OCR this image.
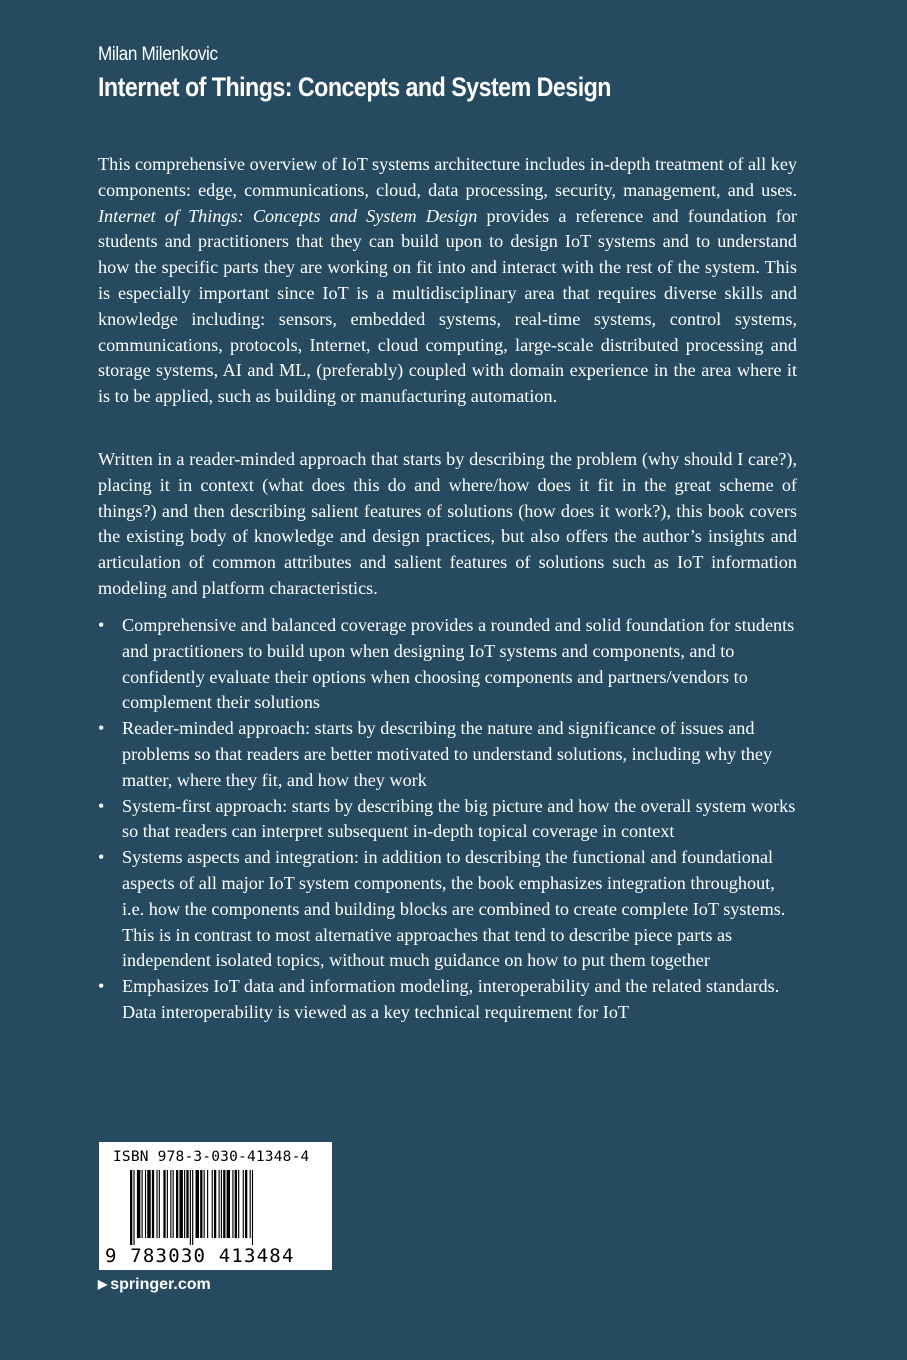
Milan Milenkovic
Internet of Things: Concepts and System Design

This comprehensive overview of IoT systems architecture includes in-depth treatment of all key components: edge, communications, cloud, data processing, security, management, and uses. Internet of Things: Concepts and System Design provides a reference and foundation for students and practitioners that they can build upon to design IoT systems and to understand how the specific parts they are working on fit into and interact with the rest of the system. This is especially important since IoT is a multidisciplinary area that requires diverse skills and knowledge including: sensors, embedded systems, real-time systems, control systems, communications, protocols, Internet, cloud computing, large-scale distributed processing and storage systems, AI and ML, (preferably) coupled with domain experience in the area where it is to be applied, such as building or manufacturing automation.

Written in a reader-minded approach that starts by describing the problem (why should I care?), placing it in context (what does this do and where/how does it fit in the great scheme of things?) and then describing salient features of solutions (how does it work?), this book covers the existing body of knowledge and design practices, but also offers the author’s insights and articulation of common attributes and salient features of solutions such as IoT information modeling and platform characteristics.

• Comprehensive and balanced coverage provides a rounded and solid foundation for students and practitioners to build upon when designing IoT systems and components, and to confidently evaluate their options when choosing components and partners/vendors to complement their solutions
• Reader-minded approach: starts by describing the nature and significance of issues and problems so that readers are better motivated to understand solutions, including why they matter, where they fit, and how they work
• System-first approach: starts by describing the big picture and how the overall system works so that readers can interpret subsequent in-depth topical coverage in context
• Systems aspects and integration: in addition to describing the functional and foundational aspects of all major IoT system components, the book emphasizes integration throughout, i.e. how the components and building blocks are combined to create complete IoT systems. This is in contrast to most alternative approaches that tend to describe piece parts as independent isolated topics, without much guidance on how to put them together
• Emphasizes IoT data and information modeling, interoperability and the related standards. Data interoperability is viewed as a key technical requirement for IoT
ISBN 978-3-030-41348-4
9 783030 413484
▶ springer.com
